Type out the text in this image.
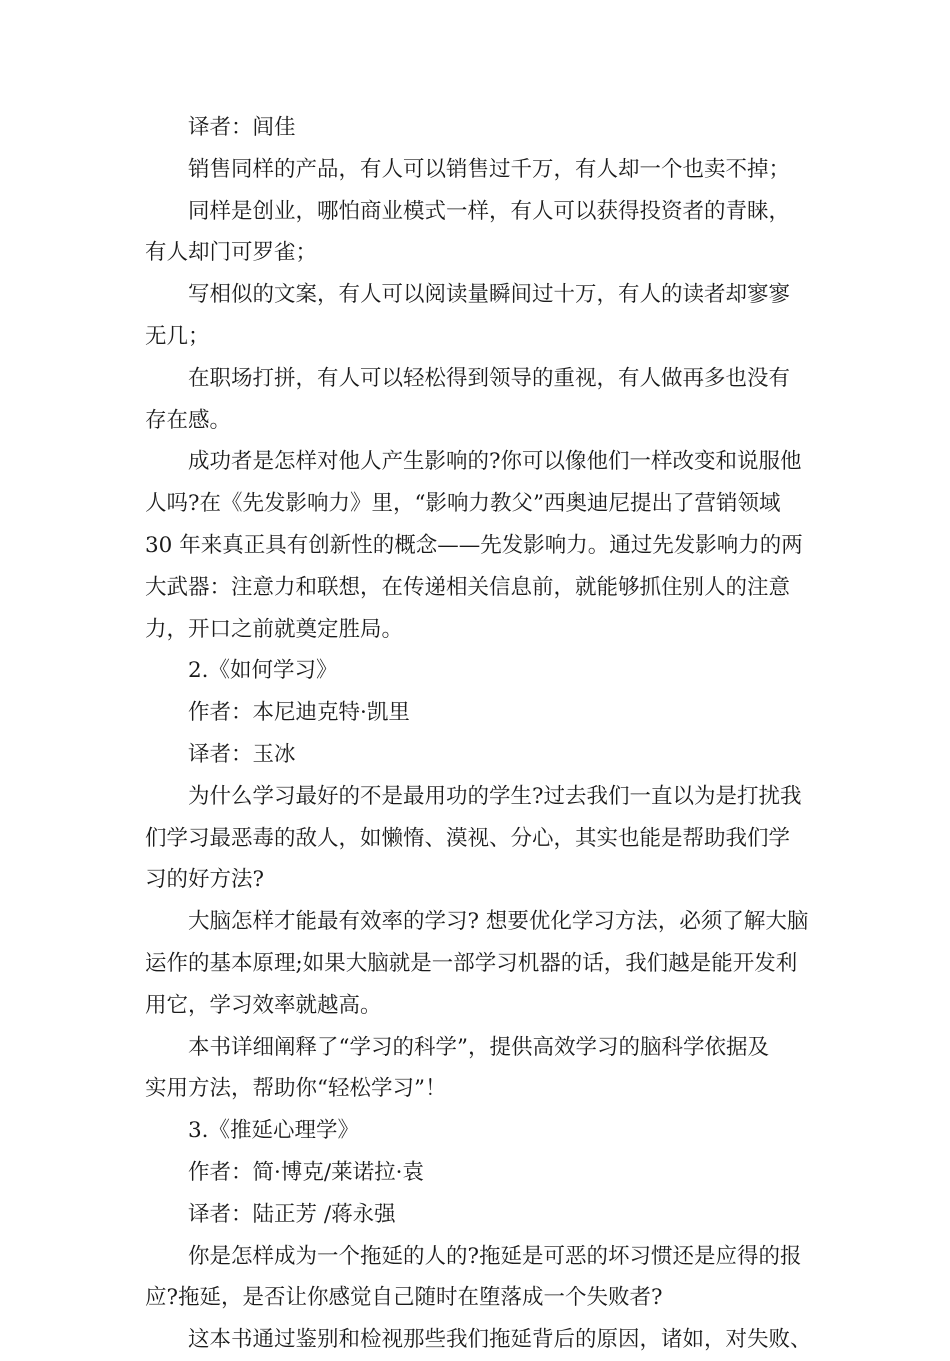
译者：闾佳
销售同样的产品，有人可以销售过千万，有人却一个也卖不掉；
同样是创业，哪怕商业模式一样，有人可以获得投资者的青睐，
有人却门可罗雀；
写相似的文案，有人可以阅读量瞬间过十万，有人的读者却寥寥
无几；
在职场打拼，有人可以轻松得到领导的重视，有人做再多也没有
存在感。
成功者是怎样对他人产生影响的?你可以像他们一样改变和说服他
人吗?在《先发影响力》里，“影响力教父”西奥迪尼提出了营销领域
30 年来真正具有创新性的概念——先发影响力。通过先发影响力的两
大武器：注意力和联想，在传递相关信息前，就能够抓住别人的注意
力，开口之前就奠定胜局。
2.《如何学习》
作者：本尼迪克特·凯里
译者：玉冰
为什么学习最好的不是最用功的学生?过去我们一直以为是打扰我
们学习最恶毒的敌人，如懒惰、漠视、分心，其实也能是帮助我们学
习的好方法?
大脑怎样才能最有效率的学习? 想要优化学习方法，必须了解大脑
运作的基本原理;如果大脑就是一部学习机器的话，我们越是能开发利
用它，学习效率就越高。
本书详细阐释了“学习的科学”，提供高效学习的脑科学依据及
实用方法，帮助你“轻松学习”！
3.《推延心理学》
作者：简·博克/莱诺拉·袁
译者：陆正芳 /蒋永强
你是怎样成为一个拖延的人的?拖延是可恶的坏习惯还是应得的报
应?拖延，是否让你感觉自己随时在堕落成一个失败者?
这本书通过鉴别和检视那些我们拖延背后的原因，诸如，对失败、
